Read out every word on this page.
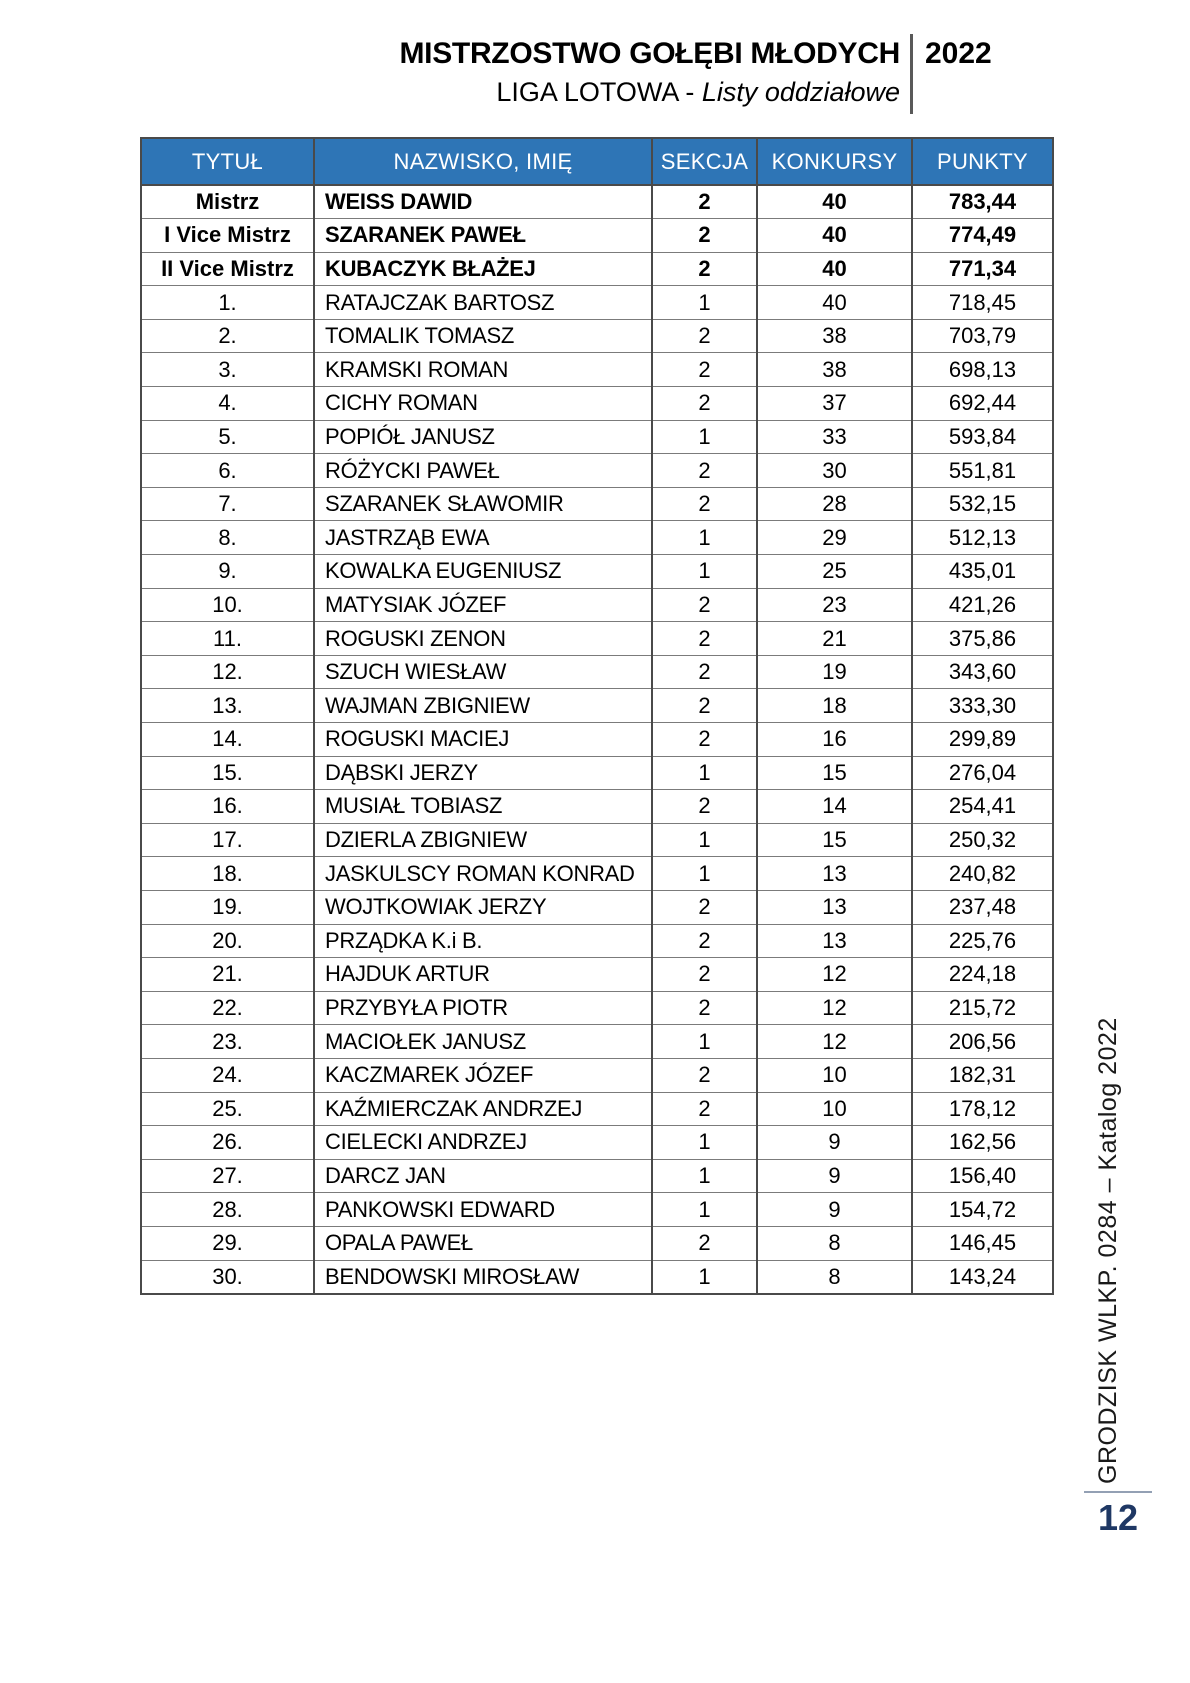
MISTRZOSTWO GOŁĘBI MŁODYCH
LIGA LOTOWA - Listy oddziałowe
2022
TYTUŁ	NAZWISKO, IMIĘ	SEKCJA	KONKURSY	PUNKTY
Mistrz	WEISS DAWID	2	40	783,44
I Vice Mistrz	SZARANEK PAWEŁ	2	40	774,49
II Vice Mistrz	KUBACZYK BŁAŻEJ	2	40	771,34
1.	RATAJCZAK BARTOSZ	1	40	718,45
2.	TOMALIK TOMASZ	2	38	703,79
3.	KRAMSKI ROMAN	2	38	698,13
4.	CICHY ROMAN	2	37	692,44
5.	POPIÓŁ JANUSZ	1	33	593,84
6.	RÓŻYCKI PAWEŁ	2	30	551,81
7.	SZARANEK SŁAWOMIR	2	28	532,15
8.	JASTRZĄB EWA	1	29	512,13
9.	KOWALKA EUGENIUSZ	1	25	435,01
10.	MATYSIAK JÓZEF	2	23	421,26
11.	ROGUSKI ZENON	2	21	375,86
12.	SZUCH WIESŁAW	2	19	343,60
13.	WAJMAN ZBIGNIEW	2	18	333,30
14.	ROGUSKI MACIEJ	2	16	299,89
15.	DĄBSKI JERZY	1	15	276,04
16.	MUSIAŁ TOBIASZ	2	14	254,41
17.	DZIERLA ZBIGNIEW	1	15	250,32
18.	JASKULSCY ROMAN KONRAD	1	13	240,82
19.	WOJTKOWIAK JERZY	2	13	237,48
20.	PRZĄDKA K.i B.	2	13	225,76
21.	HAJDUK ARTUR	2	12	224,18
22.	PRZYBYŁA PIOTR	2	12	215,72
23.	MACIOŁEK JANUSZ	1	12	206,56
24.	KACZMAREK JÓZEF	2	10	182,31
25.	KAŹMIERCZAK ANDRZEJ	2	10	178,12
26.	CIELECKI ANDRZEJ	1	9	162,56
27.	DARCZ JAN	1	9	156,40
28.	PANKOWSKI EDWARD	1	9	154,72
29.	OPALA PAWEŁ	2	8	146,45
30.	BENDOWSKI MIROSŁAW	1	8	143,24	GRODZISK WLKP. 0284 – Katalog 2022
12
